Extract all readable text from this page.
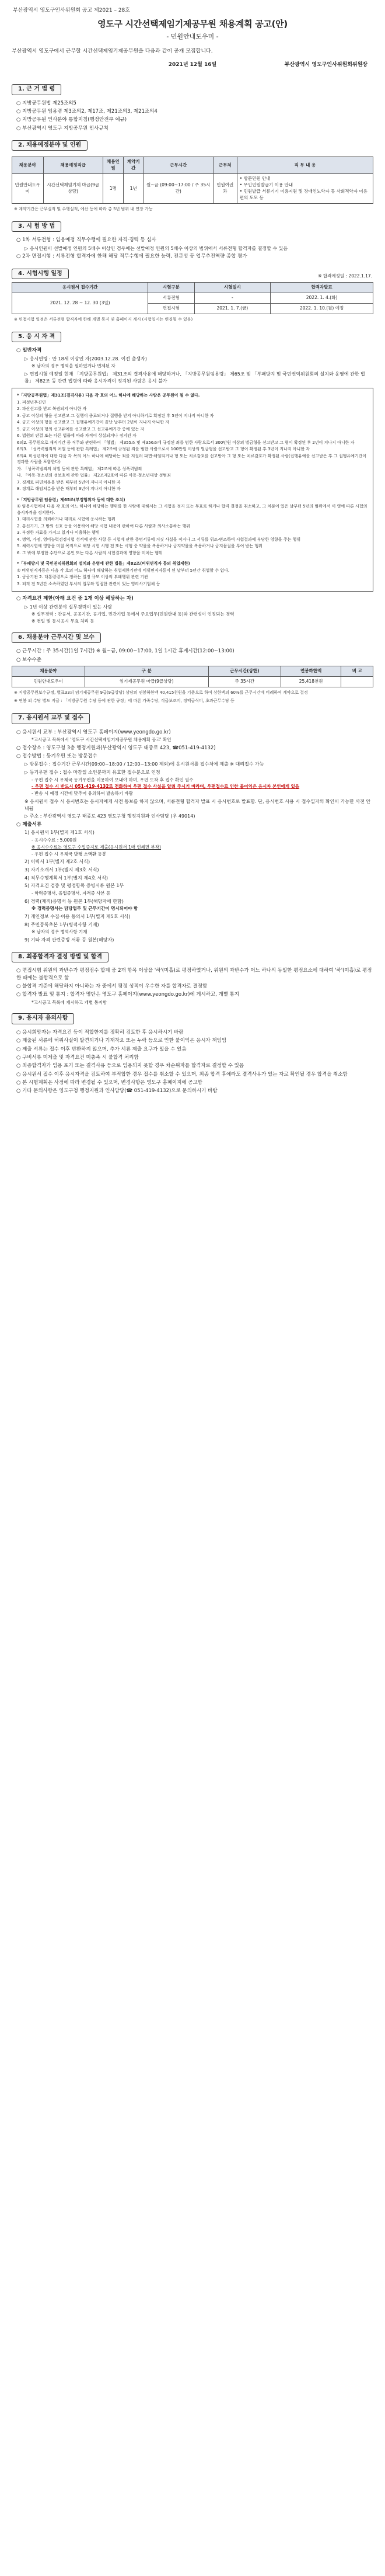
부산광역시 영도구인사위원회 공고 제2021 – 28호
영도구 시간선택제임기제공무원 채용계획 공고(안)
- 민원안내도우미 -
부산광역시 영도구에서 근무할 시간선택제임기제공무원을 다음과 같이 공개 모집합니다.
2021년 12월 16일	부산광역시 영도구인사위원회위원장
1. 근 거 법 령
○ 지방공무원법 제25조의5
○ 지방공무원 임용령 제3조의2, 제17조, 제21조의3, 제21조의4
○ 지방공무원 인사분야 통합지침(행정안전부 예규)
○ 부산광역시 영도구 지방공무원 인사규칙
2. 채용예정분야 및 인원
채용분야	채용예정직급	채용인원	계약기간	근무시간	근무처	직 무 내 용
민원안내도우미	시간선택제임기제 마급(9급상당)	1명	1년	월~금 (09:00~17:00 / 주 35시간)	민원여권과	• 방문민원 안내
• 무인민원발급기 이용 안내
• 민원발급 서류기기 이용지원 및 장애인노약자 등 사회적약자 이용편의 도모 등
※ 계약기간은 근무실적 및 수행실적, 예산 등에 따라 총 5년 범위 내 연장 가능
3. 시 험 방 법
○ 1차 서류전형 : 임용예정 직무수행에 필요한 자격·경력 등 심사
▷ 응시인원이 선발예정 인원의 5배수 이상인 경우에는 선발예정 인원의 5배수 이상의 범위에서 서류전형 합격자를 결정할 수 있음
○ 2차 면접시험 : 서류전형 합격자에 한해 해당 직무수행에 필요한 능력, 전문성 등 업무추진역량 종합 평가
4. 시험시행 일정	※ 합격예정일 : 2022.1.17.
응시원서 접수기간	시험구분	시험일시	합격자발표
2021. 12. 28 ~ 12. 30 (3일)	서류전형	-	2022. 1. 4.(화)
	면접시험	2021. 1. 7.(금)	2022. 1. 10.(월) 예정
※ 면접시험 일정은 서류전형 합격자에 한해 개별 통지 및 홈페이지 게시 (시험일시는 변경될 수 있음)
5. 응 시 자 격
○ 일반자격
▷ 응시연령 : 만 18세 이상인 자(2003.12.28. 이전 출생자)
※ 남자의 경우 병역을 필하였거나 면제된 자
▷ 면접시험 예정일 현재 「지방공무원법」 제31조의 결격사유에 해당하거나, 「지방공무원임용령」 제65조 및 「부패방지 및 국민권익위원회의 설치와 운영에 관한 법률」 제82조 등 관련 법령에 따라 응시자격이 정지된 사람은 응시 불가

*「지방공무원법」제31조(결격사유) 다음 각 호의 어느 하나에 해당하는 사람은 공무원이 될 수 없다.

1. 피성년후견인

2. 파산선고를 받고 복권되지 아니한 자

3. 금고 이상의 형을 선고받고 그 집행이 종료되거나 집행을 받지 아니하기로 확정된 후 5년이 지나지 아니한 자

4. 금고 이상의 형을 선고받고 그 집행유예기간이 끝난 날부터 2년이 지나지 아니한 자

5. 금고 이상의 형의 선고유예를 선고받고 그 선고유예기간 중에 있는 자

6. 법원의 판결 또는 다른 법률에 따라 자격이 상실되거나 정지된 자

6의2. 공무원으로 재직기간 중 직무와 관련하여 「형법」 제355조 및 제356조에 규정된 죄를 범한 사람으로서 300만원 이상의 벌금형을 선고받고 그 형이 확정된 후 2년이 지나지 아니한 자

6의3. 「성폭력범죄의 처벌 등에 관한 특례법」 제2조에 규정된 죄를 범한 사람으로서 100만원 이상의 벌금형을 선고받고 그 형이 확정된 후 3년이 지나지 아니한 자

6의4. 미성년자에 대한 다음 각 목의 어느 하나에 해당하는 죄를 저질러 파면·해임되거나 형 또는 치료감호를 선고받아 그 형 또는 치료감호가 확정된 사람(집행유예를 선고받은 후 그 집행유예기간이 경과한 사람을 포함한다)

가. 「성폭력범죄의 처벌 등에 관한 특례법」 제2조에 따른 성폭력범죄

나. 「아동·청소년의 성보호에 관한 법률」 제2조제2호에 따른 아동·청소년대상 성범죄

7. 징계로 파면처분을 받은 때부터 5년이 지나지 아니한 자

8. 징계로 해임처분을 받은 때부터 3년이 지나지 아니한 자

*「지방공무원 임용령」제65조(부정행위자 등에 대한 조치)

① 임용시험에서 다음 각 호의 어느 하나에 해당하는 행위를 한 사람에 대해서는 그 시험을 정지 또는 무효로 하거나 합격 결정을 취소하고, 그 처분이 있은 날부터 5년의 범위에서 이 영에 따른 시험의 응시자격을 정지한다.

1. 대리시험을 의뢰하거나 대리로 시험에 응시하는 행위

2. 통신기기, 그 밖의 신호 등을 이용하여 해당 시험 내용에 관하여 다른 사람과 의사소통하는 행위

3. 부정한 자료를 가지고 있거나 이용하는 행위

4. 병역, 가점, 영어능력검정시험 성적에 관한 사항 등 시험에 관한 증명서류에 거짓 사실을 적거나 그 서류를 위조·변조하여 시험결과에 부당한 영향을 주는 행위

5. 체력시험에 영향을 미칠 목적으로 해당 시험 시행 전 또는 시행 중 약물을 복용하거나 금지약물을 복용하거나 금지물질을 투여 받는 행위

6. 그 밖에 부정한 수단으로 본인 또는 다른 사람의 시험결과에 영향을 미치는 행위

*「부패방지 및 국민권익위원회의 설치와 운영에 관한 법률」제82조(비위면직자 등의 취업제한)

① 비위면직자등은 다음 각 호의 어느 하나에 해당하는 취업제한기관에 비위면직자등이 된 날부터 5년간 취업할 수 없다.

1. 공공기관 2. 대통령령으로 정하는 일정 규모 이상의 부패행위 관련 기관

3. 퇴직 전 5년간 소속하였던 부서의 업무와 밀접한 관련이 있는 영리사기업체 등

○ 자격요건 제한(아래 요건 중 1개 이상 해당하는 자)
▷ 1년 이상 관련분야 실무경력이 있는 사람
※ 실무경력 : 관공서, 공공기관, 공기업, 민간기업 등에서 주요업무(민원안내 등)와 관련성이 인정되는 경력
※ 전일 및 동시응시 무효 처리 등
6. 채용분야 근무시간 및 보수
○ 근무시간 : 주 35시간(1일 7시간) ※ 월~금, 09:00~17:00, 1일 1시간 휴게시간(12:00~13:00)
○ 보수수준
채용분야	구 분	근무시간(상한)	연봉하한액	비 고
민원안내도우미	임기제공무원 마급(9급상당)	주 35시간	25,418천원	
※ 지방공무원보수규정, 별표33의 임기제공무원 9급(9급상당) 상당의 연봉하한액 40,415천원을 기준으로 하여 상한액의 60%를 근무시간에 비례하여 계약으로 결정
※ 연봉 외 수당 별도 지급 : 「지방공무원 수당 등에 관한 규정」에 따른 가족수당, 직급보조비, 정액급식비, 초과근무수당 등
7. 응시원서 교부 및 접수
○ 응시원서 교부 : 부산광역시 영도구 홈페이지(www.yeongdo.go.kr)
*고시공고 목록에서 '영도구 시간선택제임기제공무원 채용계획 공고' 확인
○ 접수장소 : 영도구청 3층 행정지원과(부산광역시 영도구 태종로 423, ☎051-419-4132)
○ 접수방법 : 등기우편 또는 방문접수
▷ 방문접수 : 접수기간 근무시간(09:00~18:00 / 12:00~13:00 제외)에 응시원서를 접수처에 제출 ※ 대리접수 가능
▷ 등기우편 접수 : 접수 마감일 소인분까지 유효한 접수분으로 인정
- 우편 접수 시 우체국 등기우편을 이용하여 보내야 하며, 우편 도착 후 접수 확인 필수
- 우편 접수 시 반드시 051-419-4132로 전화하여 우편 접수 사실을 알려 주시기 바라며, 우편접수로 인한 불이익은 응시자 본인에게 있음
- 반송 시 예정 시간에 맞추어 유의하여 발송하기 바람
※ 응시원서 접수 시 응시번호는 응시자에게 사전 통보를 하지 않으며, 서류전형 합격자 발표 시 응시번호로 발표함. 단, 응시번호 사용 시 접수일자의 확인이 가능한 사전 안내됨
▷ 주소 : 부산광역시 영도구 태종로 423 영도구청 행정지원과 인사담당 (우 49014)
○ 제출서류
1) 응시원서 1부(별지 제1호 서식)
- 응시수수료 : 5,000원
※ 응시수수료는 영도구 수입증지로 제출(응시원서 1매 인쇄면 부착)
- 우편 접수 시 우체국 발행 소액환 동봉
2) 이력서 1부(별지 제2호 서식)
3) 자기소개서 1부(별지 제3호 서식)
4) 직무수행계획서 1부(별지 제4호 서식)
5) 자격요건 검증 및 평정항목 증빙서류 원본 1부
- 학력증명서, 졸업증명서, 자격증 사본 등
6) 경력(재직)증명서 등 원본 1부(해당자에 한함)
※ 경력증명서는 담당업무 및 근무기간이 명시되어야 함
7) 개인정보 수집·이용 동의서 1부(별지 제5호 서식)
8) 주민등록초본 1부(병적사항 기재)
※ 남자의 경우 병역사항 기재
9) 기타 자격 관련증빙 서류 등 원본(해당자)
8. 최종합격자 결정 방법 및 합격
○ 면접시험 위원의 과반수가 평정점수 합계 중 2개 항목 이상을 '하'(미흡)로 평정하였거나, 위원의 과반수가 어느 하나의 동일한 평정요소에 대하여 '하'(미흡)로 평정한 때에는 불합격으로 함
○ 불합격 기준에 해당하지 아니하는 자 중에서 평정 성적이 우수한 자를 합격자로 결정함
○ 합격자 발표 및 통지 : 합격자 명단은 영도구 홈페이지(www.yeongdo.go.kr)에 게시하고, 개별 통지
*고시공고 목록에 게시하고 개별 통지함
9. 응시자 유의사항
○ 응시희망자는 자격요건 등이 적합한지를 정확히 검토한 후 응시하시기 바람
○ 제출된 서류에 허위사실이 발견되거나 기재착오 또는 누락 등으로 인한 불이익은 응시자 책임임
○ 제출 서류는 접수 이후 반환하지 않으며, 추가 서류 제출 요구가 있을 수 있음
○ 구비서류 미제출 및 자격요건 미충족 시 불합격 처리함
○ 최종합격자가 임용 포기 또는 결격사유 등으로 임용되지 못할 경우 차순위자를 합격자로 결정할 수 있음
○ 응시원서 접수 이후 응시자격을 검토하여 부적합한 경우 접수를 취소할 수 있으며, 최종 합격 후에라도 결격사유가 있는 자로 확인될 경우 합격을 취소함
○ 본 시험계획은 사정에 따라 변경될 수 있으며, 변경사항은 영도구 홈페이지에 공고함
○ 기타 문의사항은 영도구청 행정지원과 인사담당(☎ 051-419-4132)으로 문의하시기 바람
